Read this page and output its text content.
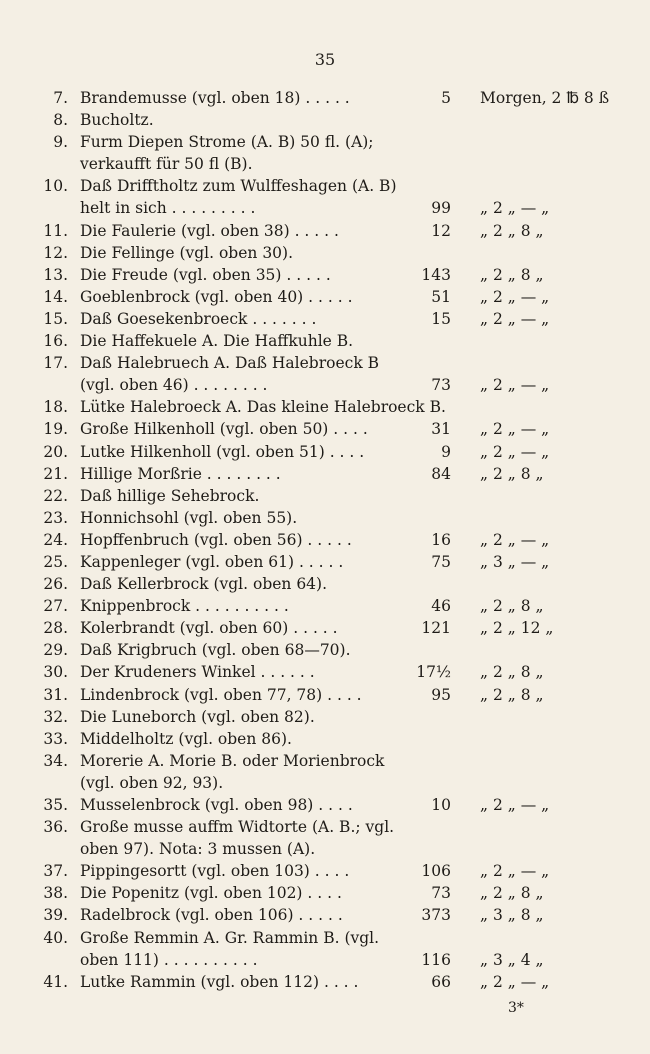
35
7. Brandemusse (vgl. oben 18) . . . . .	5 Morgen, 2 ℔ 8 ß
8. Bucholtz.
9. Furm Diepen Strome (A. B) 50 fl. (A);
verkaufft für 50 fl (B).
10. Daß Drifftholtz zum Wulffeshagen (A. B)
helt in sich . . . . . . . . .	99 „ 2 „ — „
11. Die Faulerie (vgl. oben 38) . . . . .	12 „ 2 „ 8 „
12. Die Fellinge (vgl. oben 30).
13. Die Freude (vgl. oben 35) . . . . .	143 „ 2 „ 8 „
14. Goeblenbrock (vgl. oben 40) . . . . .	51 „ 2 „ — „
15. Daß Goesekenbroeck . . . . . . .	15 „ 2 „ — „
16. Die Haffekuele A. Die Haffkuhle B.
17. Daß Halebruech A. Daß Halebroeck B
(vgl. oben 46) . . . . . . . .	73 „ 2 „ — „
18. Lütke Halebroeck A. Das kleine Halebroeck B.
19. Große Hilkenholl (vgl. oben 50) . . . .	31 „ 2 „ — „
20. Lutke Hilkenholl (vgl. oben 51) . . . .	9 „ 2 „ — „
21. Hillige Morßrie . . . . . . . .	84 „ 2 „ 8 „
22. Daß hillige Sehebrock.
23. Honnichsohl (vgl. oben 55).
24. Hopffenbruch (vgl. oben 56) . . . . .	16 „ 2 „ — „
25. Kappenleger (vgl. oben 61) . . . . .	75 „ 3 „ — „
26. Daß Kellerbrock (vgl. oben 64).
27. Knippenbrock . . . . . . . . . .	46 „ 2 „ 8 „
28. Kolerbrandt (vgl. oben 60) . . . . .	121 „ 2 „ 12 „
29. Daß Krigbruch (vgl. oben 68—70).
30. Der Krudeners Winkel . . . . . .	17½ „ 2 „ 8 „
31. Lindenbrock (vgl. oben 77, 78) . . . .	95 „ 2 „ 8 „
32. Die Luneborch (vgl. oben 82).
33. Middelholtz (vgl. oben 86).
34. Morerie A. Morie B. oder Morienbrock
(vgl. oben 92, 93).
35. Musselenbrock (vgl. oben 98) . . . .	10 „ 2 „ — „
36. Große musse auffm Widtorte (A. B.; vgl.
oben 97). Nota: 3 mussen (A).
37. Pippingesortt (vgl. oben 103) . . . .	106 „ 2 „ — „
38. Die Popenitz (vgl. oben 102) . . . .	73 „ 2 „ 8 „
39. Radelbrock (vgl. oben 106) . . . . .	373 „ 3 „ 8 „
40. Große Remmin A. Gr. Rammin B. (vgl.
oben 111) . . . . . . . . . .	116 „ 3 „ 4 „
41. Lutke Rammin (vgl. oben 112) . . . .	66 „ 2 „ — „
3*
